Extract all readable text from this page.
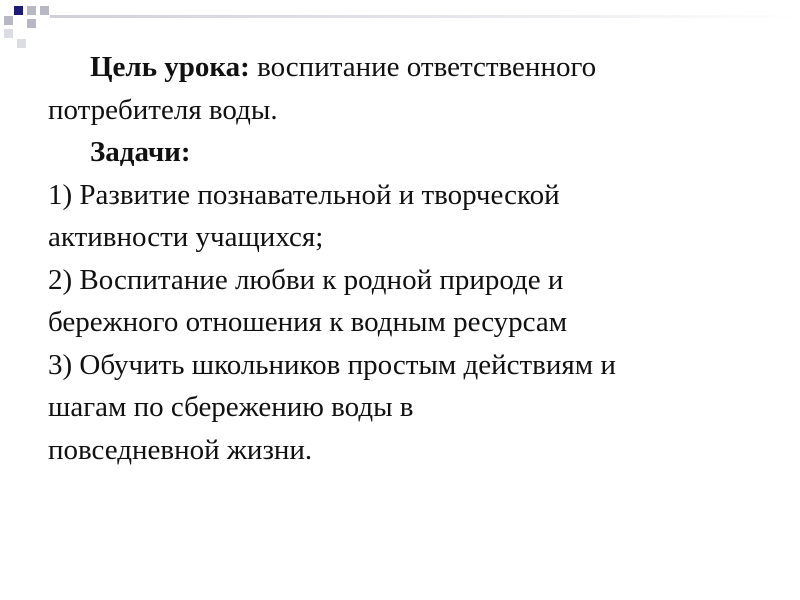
Цель урока: воспитание ответственного

потребителя воды.

Задачи:

1) Развитие познавательной и творческой

активности учащихся;

2) Воспитание любви к родной природе и

бережного отношения к водным ресурсам

3) Обучить школьников простым действиям и

шагам по сбережению воды в

повседневной жизни.
